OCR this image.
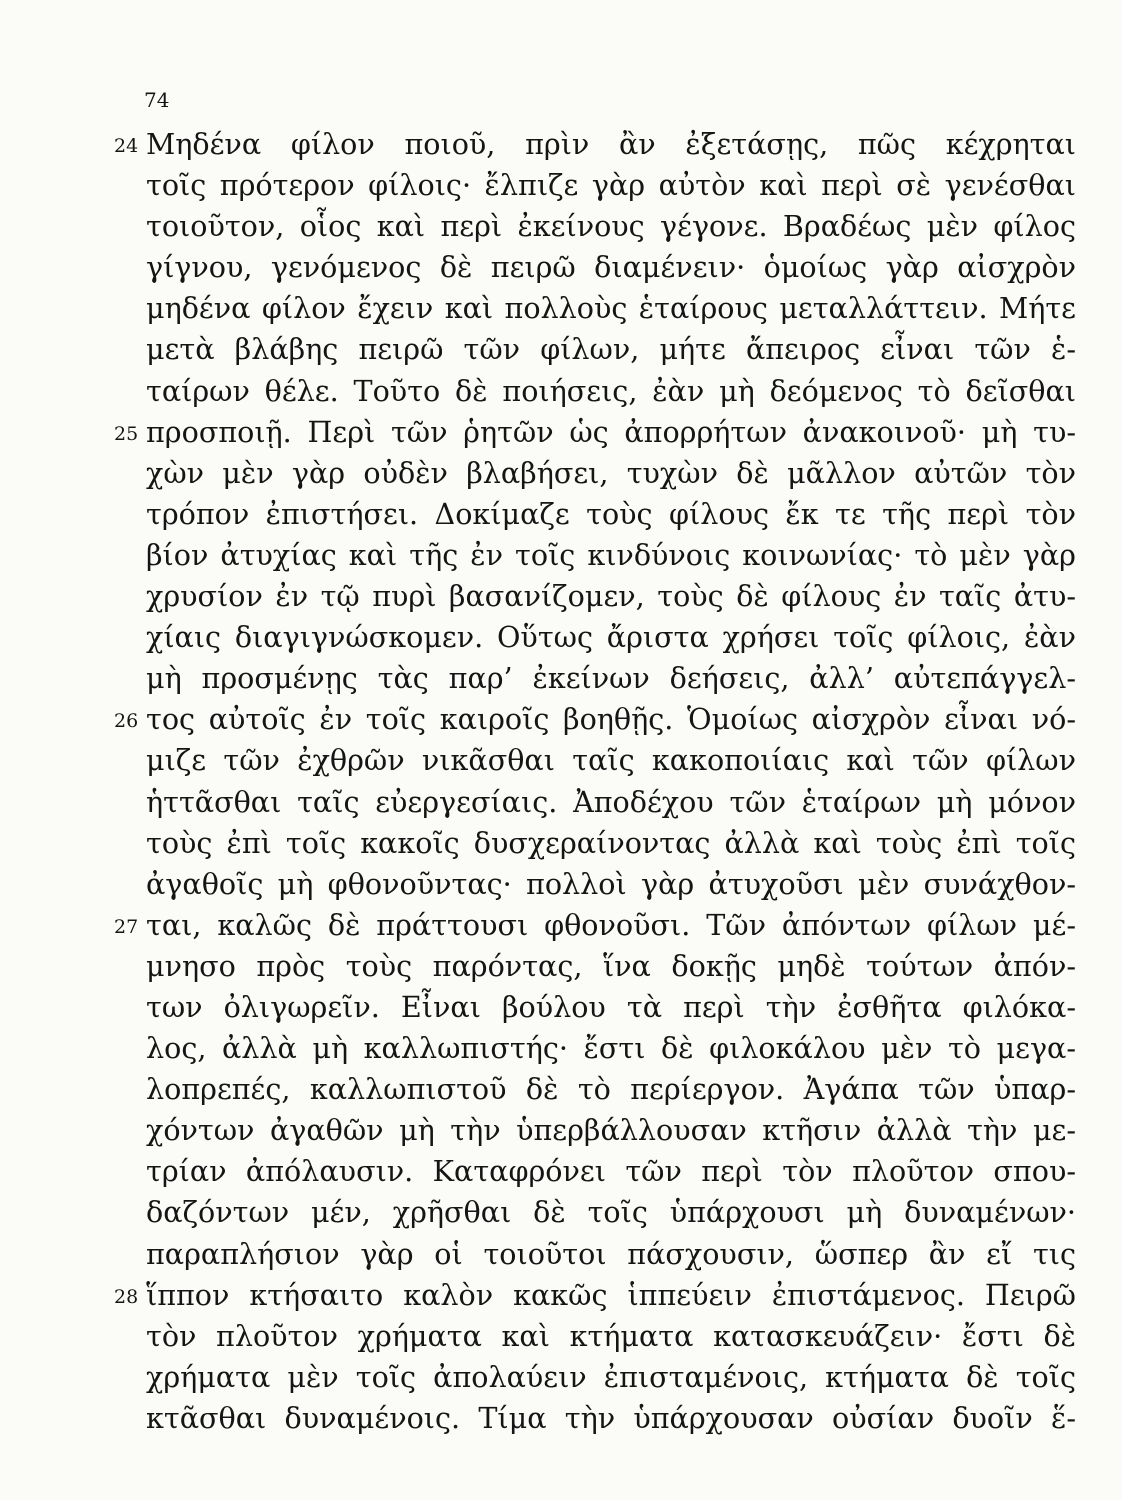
74
24 Μηδένα φίλον ποιοῦ, πρὶν ἂν ἐξετάσῃς, πῶς κέχρηται
τοῖς πρότερον φίλοις· ἔλπιζε γὰρ αὐτὸν καὶ περὶ σὲ γενέσθαι
τοιοῦτον, οἷος καὶ περὶ ἐκείνους γέγονε. Βραδέως μὲν φίλος
γίγνου, γενόμενος δὲ πειρῶ διαμένειν· ὁμοίως γὰρ αἰσχρὸν
μηδένα φίλον ἔχειν καὶ πολλοὺς ἑταίρους μεταλλάττειν. Μήτε
μετὰ βλάβης πειρῶ τῶν φίλων, μήτε ἄπειρος εἶναι τῶν ἑ-
ταίρων θέλε. Τοῦτο δὲ ποιήσεις, ἐὰν μὴ δεόμενος τὸ δεῖσθαι
25 προσποιῇ. Περὶ τῶν ῥητῶν ὡς ἀπορρήτων ἀνακοινοῦ· μὴ τυ-
χὼν μὲν γὰρ οὐδὲν βλαβήσει, τυχὼν δὲ μᾶλλον αὐτῶν τὸν
τρόπον ἐπιστήσει. Δοκίμαζε τοὺς φίλους ἔκ τε τῆς περὶ τὸν
βίον ἀτυχίας καὶ τῆς ἐν τοῖς κινδύνοις κοινωνίας· τὸ μὲν γὰρ
χρυσίον ἐν τῷ πυρὶ βασανίζομεν, τοὺς δὲ φίλους ἐν ταῖς ἀτυ-
χίαις διαγιγνώσκομεν. Οὕτως ἄριστα χρήσει τοῖς φίλοις, ἐὰν
μὴ προσμένῃς τὰς παρ’ ἐκείνων δεήσεις, ἀλλ’ αὐτεπάγγελ-
26 τος αὐτοῖς ἐν τοῖς καιροῖς βοηθῇς. Ὁμοίως αἰσχρὸν εἶναι νό-
μιζε τῶν ἐχθρῶν νικᾶσθαι ταῖς κακοποιίαις καὶ τῶν φίλων
ἡττᾶσθαι ταῖς εὐεργεσίαις. Ἀποδέχου τῶν ἑταίρων μὴ μόνον
τοὺς ἐπὶ τοῖς κακοῖς δυσχεραίνοντας ἀλλὰ καὶ τοὺς ἐπὶ τοῖς
ἀγαθοῖς μὴ φθονοῦντας· πολλοὶ γὰρ ἀτυχοῦσι μὲν συνάχθον-
27 ται, καλῶς δὲ πράττουσι φθονοῦσι. Τῶν ἀπόντων φίλων μέ-
μνησο πρὸς τοὺς παρόντας, ἵνα δοκῇς μηδὲ τούτων ἀπόν-
των ὀλιγωρεῖν. Εἶναι βούλου τὰ περὶ τὴν ἐσθῆτα φιλόκα-
λος, ἀλλὰ μὴ καλλωπιστής· ἔστι δὲ φιλοκάλου μὲν τὸ μεγα-
λοπρεπές, καλλωπιστοῦ δὲ τὸ περίεργον. Ἀγάπα τῶν ὑπαρ-
χόντων ἀγαθῶν μὴ τὴν ὑπερβάλλουσαν κτῆσιν ἀλλὰ τὴν με-
τρίαν ἀπόλαυσιν. Καταφρόνει τῶν περὶ τὸν πλοῦτον σπου-
δαζόντων μέν, χρῆσθαι δὲ τοῖς ὑπάρχουσι μὴ δυναμένων·
παραπλήσιον γὰρ οἱ τοιοῦτοι πάσχουσιν, ὥσπερ ἂν εἴ τις
28 ἵππον κτήσαιτο καλὸν κακῶς ἱππεύειν ἐπιστάμενος. Πειρῶ
τὸν πλοῦτον χρήματα καὶ κτήματα κατασκευάζειν· ἔστι δὲ
χρήματα μὲν τοῖς ἀπολαύειν ἐπισταμένοις, κτήματα δὲ τοῖς
κτᾶσθαι δυναμένοις. Τίμα τὴν ὑπάρχουσαν οὐσίαν δυοῖν ἕ-
